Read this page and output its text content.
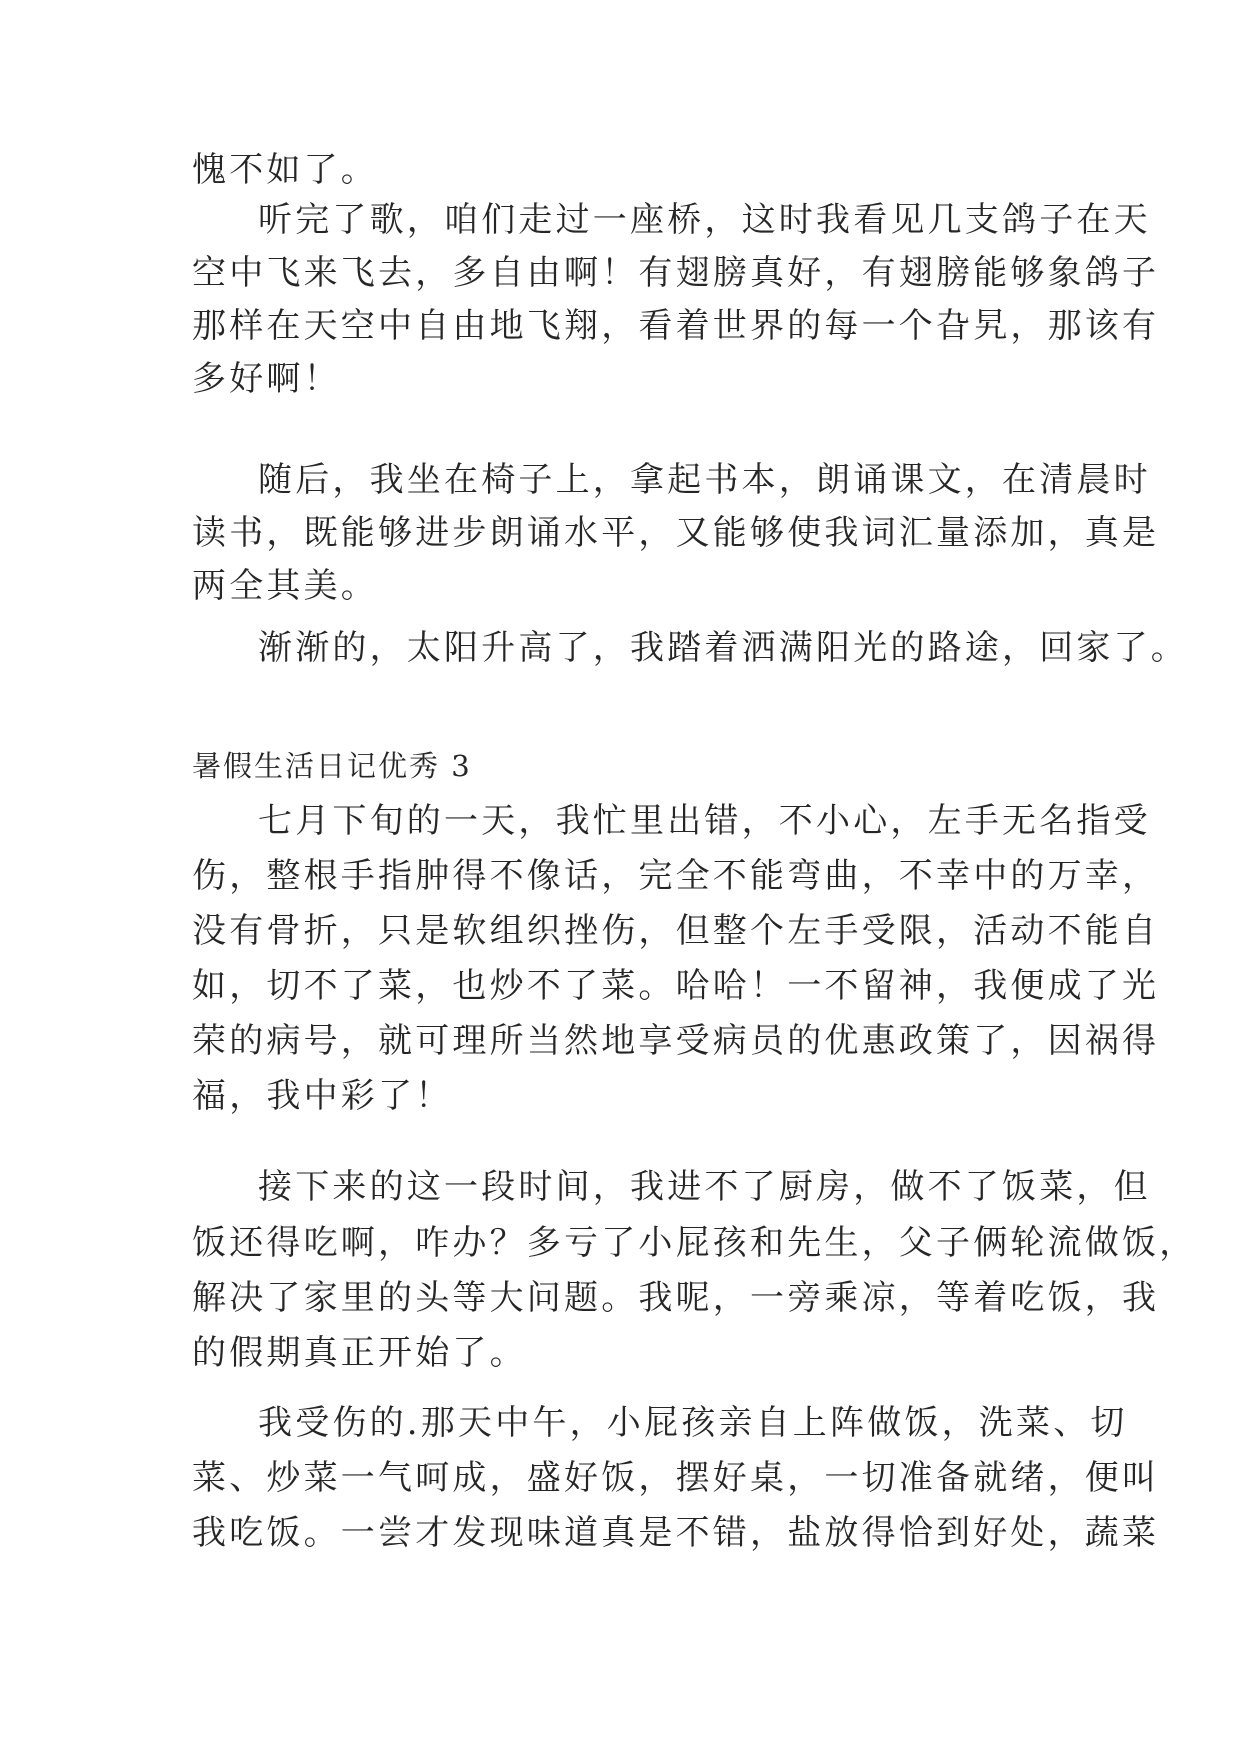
愧不如了。
听完了歌，咱们走过一座桥，这时我看见几支鸽子在天
空中飞来飞去，多自由啊！有翅膀真好，有翅膀能够象鸽子
那样在天空中自由地飞翔，看着世界的每一个旮旯，那该有
多好啊！
随后，我坐在椅子上，拿起书本，朗诵课文，在清晨时
读书，既能够进步朗诵水平，又能够使我词汇量添加，真是
两全其美。
渐渐的，太阳升高了，我踏着洒满阳光的路途，回家了。
暑假生活日记优秀 3
七月下旬的一天，我忙里出错，不小心，左手无名指受
伤，整根手指肿得不像话，完全不能弯曲，不幸中的万幸，
没有骨折，只是软组织挫伤，但整个左手受限，活动不能自
如，切不了菜，也炒不了菜。哈哈！一不留神，我便成了光
荣的病号，就可理所当然地享受病员的优惠政策了，因祸得
福，我中彩了！
接下来的这一段时间，我进不了厨房，做不了饭菜，但
饭还得吃啊，咋办？多亏了小屁孩和先生，父子俩轮流做饭，
解决了家里的头等大问题。我呢，一旁乘凉，等着吃饭，我
的假期真正开始了。
我受伤的.那天中午，小屁孩亲自上阵做饭，洗菜、切
菜、炒菜一气呵成，盛好饭，摆好桌，一切准备就绪，便叫
我吃饭。一尝才发现味道真是不错，盐放得恰到好处，蔬菜
